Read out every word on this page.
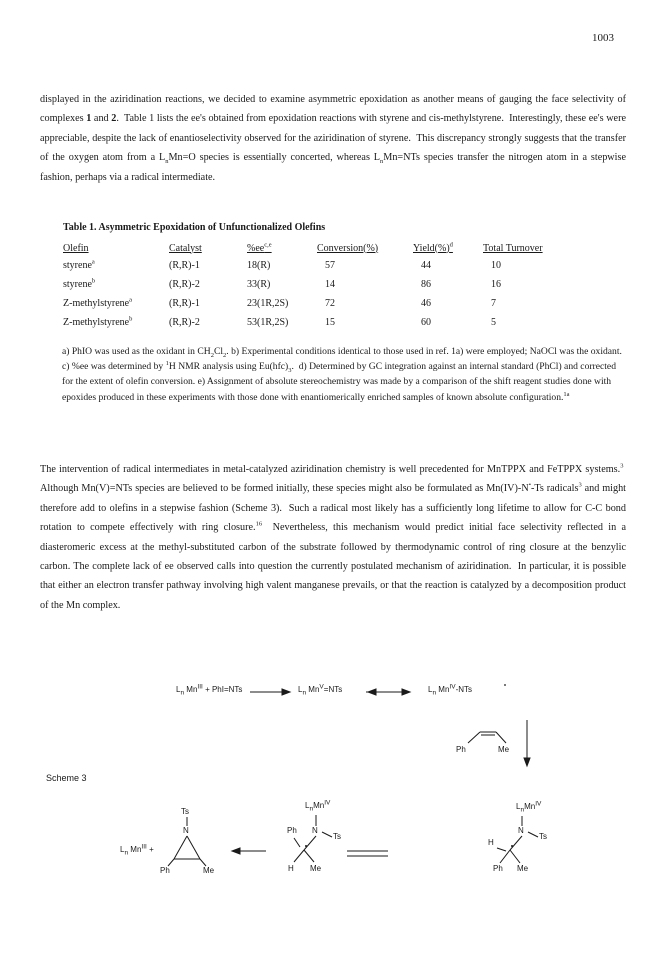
1003
displayed in the aziridination reactions, we decided to examine asymmetric epoxidation as another means of gauging the face selectivity of complexes 1 and 2.  Table 1 lists the ee's obtained from epoxidation reactions with styrene and cis-methylstyrene.  Interestingly, these ee's were appreciable, despite the lack of enantioselectivity observed for the aziridination of styrene.  This discrepancy strongly suggests that the transfer of the oxygen atom from a $L_nMn=O$ species is essentially concerted, whereas $L_nMn=NTs$ species transfer the nitrogen atom in a stepwise fashion, perhaps via a radical intermediate.
Table 1. Asymmetric Epoxidation of Unfunctionalized Olefins
Olefin	Catalyst	%ee$^{c,e}$	Conversion(%)	Yield(%)$^d$	Total Turnover
styrene$^a$	(R,R)-1	18(R)	57	44	10
styrene$^b$	(R,R)-2	33(R)	14	86	16
Z-methylstyrene$^a$	(R,R)-1	23(1R,2S)	72	46	7
Z-methylstyrene$^b$	(R,R)-2	53(1R,2S)	15	60	5
a) PhIO was used as the oxidant in $CH_2Cl_2$. b) Experimental conditions identical to those used in ref. 1a) were employed; NaOCl was the oxidant. c) %ee was determined by $^1$H NMR analysis using $Eu(hfc)_3$.  d) Determined by GC integration against an internal standard (PhCl) and corrected for the extent of olefin conversion. e) Assignment of absolute stereochemistry was made by a comparison of the shift reagent studies done with epoxides produced in these experiments with those done with enantiomerically enriched samples of known absolute configuration.$^{1a}$
The intervention of radical intermediates in metal-catalyzed aziridination chemistry is well precedented for MnTPPX and FeTPPX systems.$^3$  Although Mn(V)=NTs species are believed to be formed initially, these species might also be formulated as Mn(IV)-N•-Ts radicals$^3$ and might therefore add to olefins in a stepwise fashion (Scheme 3).  Such a radical most likely has a sufficiently long lifetime to allow for C-C bond rotation to compete effectively with ring closure.$^{16}$  Nevertheless, this mechanism would predict initial face selectivity reflected in a diasteromeric excess at the methyl-substituted carbon of the substrate followed by thermodynamic control of ring closure at the benzylic carbon. The complete lack of ee observed calls into question the currently postulated mechanism of aziridination.  In particular, it is possible that either an electron transfer pathway involving high valent manganese prevails, or that the reaction is catalyzed by a decomposition product of the Mn complex.
Scheme 3
$L_n$ $Mn^{III} + PhI=NTs$	$L_n$ $Mn^V=NTs$	$L_n$ $Mn^{IV}$-NTs
Ph	Me
$L_nMn^{IV}$
H
N
Ts
Ph Me
$L_nMn^{IV}$
Ph N
Ts
H Me
$L_n$ $Mn^{III}$ +
Ts
N
Ph	Me
